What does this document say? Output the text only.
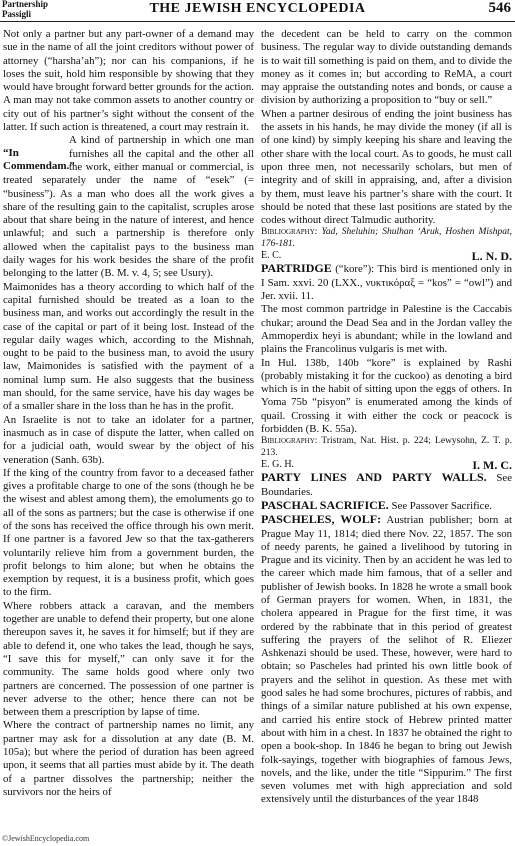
Partnership
Passigli	THE JEWISH ENCYCLOPEDIA	546

Not only a partner but any part-owner of a demand may sue in the name of all the joint creditors without power of attorney (“harsha’ah”); nor can his companions, if he loses the suit, hold him responsible by showing that they would have brought forward better grounds for the action.

A man may not take common assets to another country or city out of his partner’s sight without the consent of the latter. If such action is threatened, a court may restrain it.

“In Commendam.”

A kind of partnership in which one man furnishes all the capital and the other all the work, either manual or commercial, is treated separately under the name of “esek” (= “business”). As a man who does all the work gives a share of the resulting gain to the capitalist, scruples arose about that share being in the nature of interest, and hence unlawful; and such a partnership is therefore only allowed when the capitalist pays to the business man daily wages for his work besides the share of the profit belonging to the latter (B. M. v. 4, 5; see Usury).

Maimonides has a theory according to which half of the capital furnished should be treated as a loan to the business man, and works out accordingly the result in the case of the capital or part of it being lost. Instead of the regular daily wages which, according to the Mishnah, ought to be paid to the business man, to avoid the usury law, Maimonides is satisfied with the payment of a nominal lump sum. He also suggests that the business man should, for the same service, have his day wages be of a smaller share in the loss than he has in the profit.

An Israelite is not to take an idolater for a partner, inasmuch as in case of dispute the latter, when called on for a judicial oath, would swear by the object of his veneration (Sanh. 63b).

If the king of the country from favor to a deceased father gives a profitable charge to one of the sons (though he be the wisest and ablest among them), the emoluments go to all of the sons as partners; but the case is otherwise if one of the sons has received the office through his own merit. If one partner is a favored Jew so that the tax-gatherers voluntarily relieve him from a government burden, the profit belongs to him alone; but when he obtains the exemption by request, it is a business profit, which goes to the firm.

Where robbers attack a caravan, and the members together are unable to defend their property, but one alone thereupon saves it, he saves it for himself; but if they are able to defend it, one who takes the lead, though he says, “I save this for myself,” can only save it for the community. The same holds good where only two partners are concerned. The possession of one partner is never adverse to the other; hence there can not be between them a prescription by lapse of time.

Where the contract of partnership names no limit, any partner may ask for a dissolution at any date (B. M. 105a); but where the period of duration has been agreed upon, it seems that all parties must abide by it. The death of a partner dissolves the partnership; neither the survivors nor the heirs of

the decedent can be held to carry on the common business. The regular way to divide outstanding demands is to wait till something is paid on them, and to divide the money as it comes in; but according to ReMA, a court may appraise the outstanding notes and bonds, or cause a division by authorizing a proposition to “buy or sell.”

When a partner desirous of ending the joint business has the assets in his hands, he may divide the money (if all is of one kind) by simply keeping his share and leaving the other share with the local court. As to goods, he must call upon three men, not necessarily scholars, but men of integrity and of skill in appraising, and, after a division by them, must leave his partner’s share with the court. It should be noted that these last positions are stated by the codes without direct Talmudic authority.

Bibliography: Yad, Sheluhin; Shulhan ‘Aruk, Hoshen Mishpat, 176-181.
E. C.	L. N. D.

PARTRIDGE (“kore”): This bird is mentioned only in I Sam. xxvi. 20 (LXX., νυκτικόραξ = “kos” = “owl”) and Jer. xvii. 11.

The most common partridge in Palestine is the Caccabis chukar; around the Dead Sea and in the Jordan valley the Ammoperdix heyi is abundant; while in the lowland and plains the Francolinus vulgaris is met with.

In Hul. 138b, 140b “kore” is explained by Rashi (probably mistaking it for the cuckoo) as denoting a bird which is in the habit of sitting upon the eggs of others. In Yoma 75b “pisyon” is enumerated among the kinds of quail. Crossing it with either the cock or peacock is forbidden (B. K. 55a).

Bibliography: Tristram, Nat. Hist. p. 224; Lewysohn, Z. T. p. 213.
E. G. H.	I. M. C.

PARTY LINES AND PARTY WALLS. See Boundaries.

PASCHAL SACRIFICE. See Passover Sacrifice.

PASCHELES, WOLF: Austrian publisher; born at Prague May 11, 1814; died there Nov. 22, 1857. The son of needy parents, he gained a livelihood by tutoring in Prague and its vicinity. Then by an accident he was led to the career which made him famous, that of a seller and publisher of Jewish books. In 1828 he wrote a small book of German prayers for women. When, in 1831, the cholera appeared in Prague for the first time, it was ordered by the rabbinate that in this period of greatest suffering the prayers of the selihot of R. Eliezer Ashkenazi should be used. These, however, were hard to obtain; so Pascheles had printed his own little book of prayers and the selihot in question. As these met with good sales he had some brochures, pictures of rabbis, and things of a similar nature published at his own expense, and carried his entire stock of Hebrew printed matter about with him in a chest. In 1837 he obtained the right to open a book-shop. In 1846 he began to bring out Jewish folk-sayings, together with biographies of famous Jews, novels, and the like, under the title “Sippurim.” The first seven volumes met with high appreciation and sold extensively until the disturbances of the year 1848

©JewishEncyclopedia.com
